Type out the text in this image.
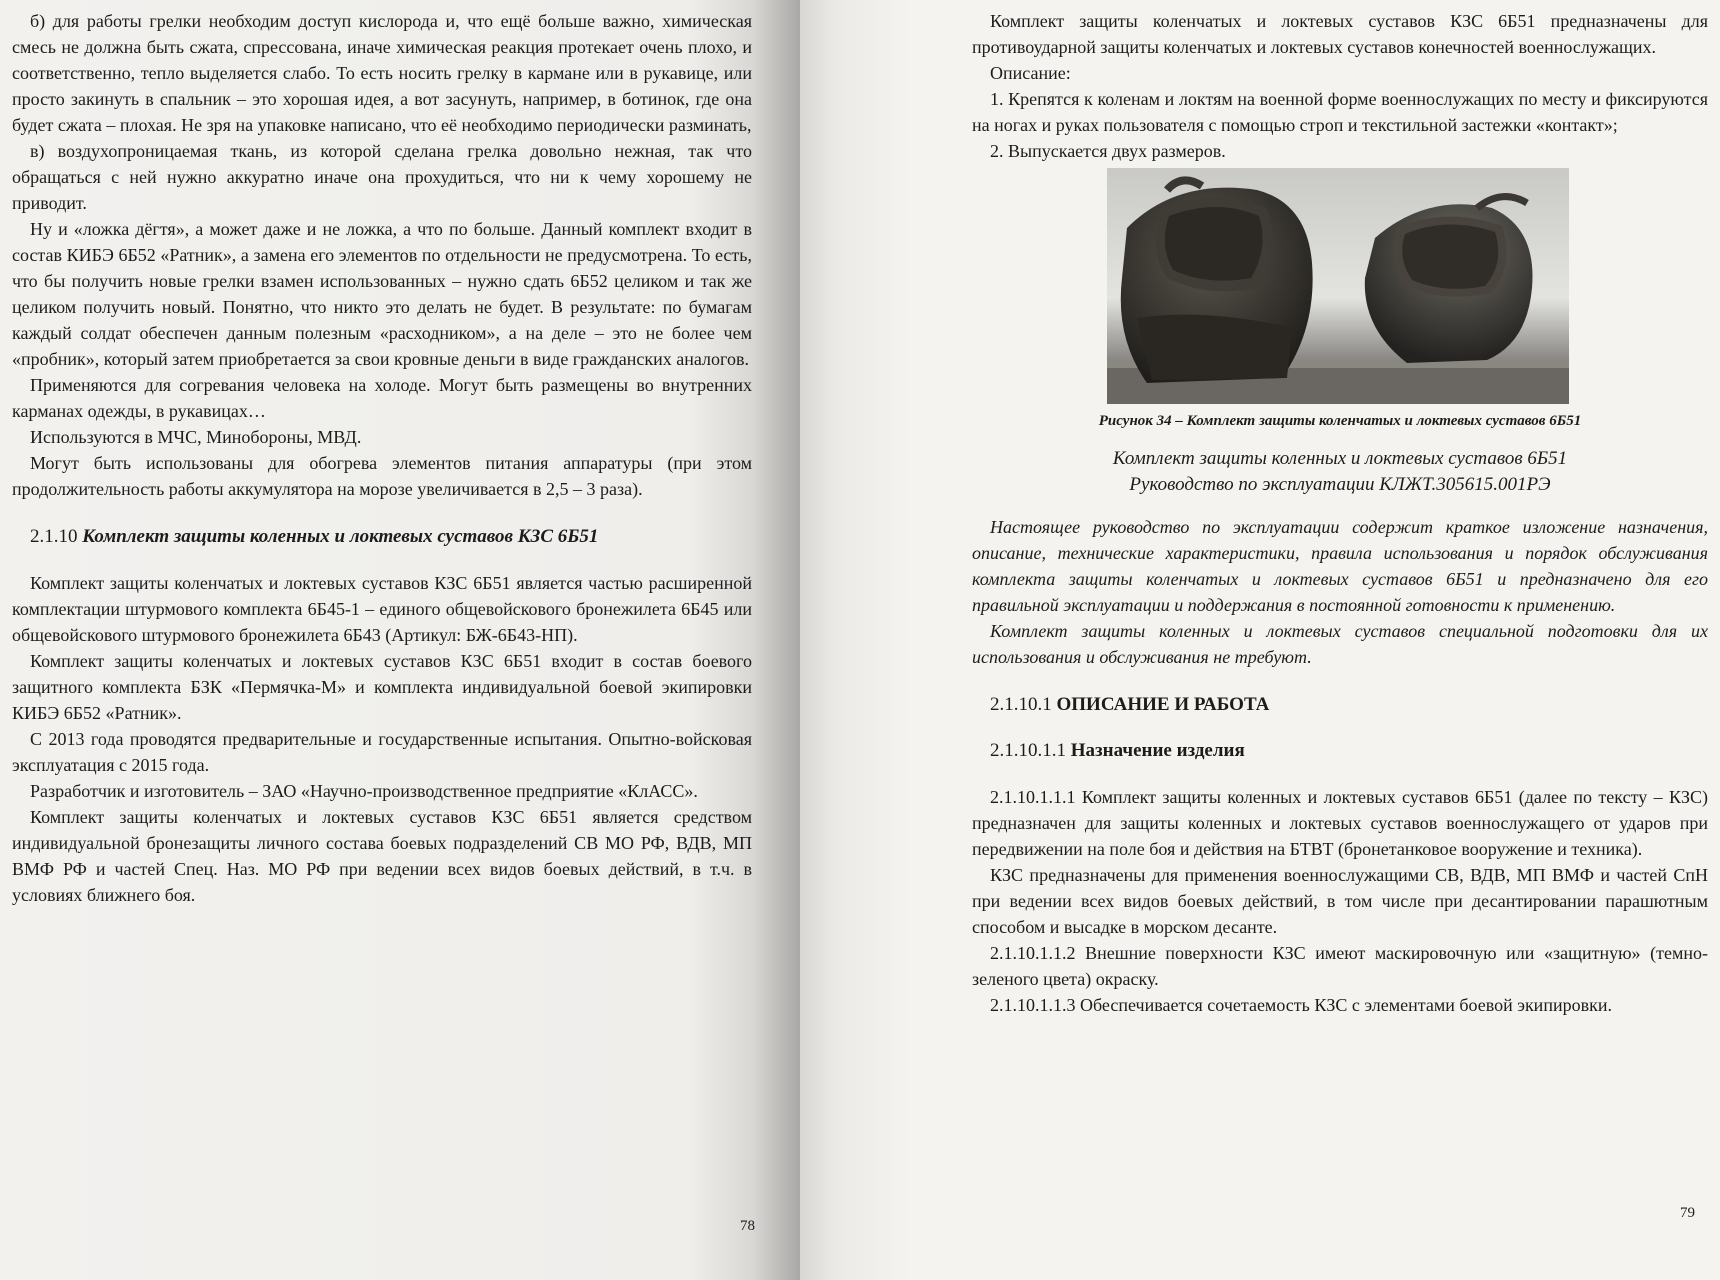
б) для работы грелки необходим доступ кислорода и, что ещё больше важно, химическая смесь не должна быть сжата, спрессована, иначе химическая реакция протекает очень плохо, и соответственно, тепло выделяется слабо. То есть носить грелку в кармане или в рукавице, или просто закинуть в спальник – это хорошая идея, а вот засунуть, например, в ботинок, где она будет сжата – плохая. Не зря на упаковке написано, что её необходимо периодически разминать,

в) воздухопроницаемая ткань, из которой сделана грелка довольно нежная, так что обращаться с ней нужно аккуратно иначе она прохудиться, что ни к чему хорошему не приводит.

Ну и «ложка дёгтя», а может даже и не ложка, а что по больше. Данный комплект входит в состав КИБЭ 6Б52 «Ратник», а замена его элементов по отдельности не предусмотрена. То есть, что бы получить новые грелки взамен использованных – нужно сдать 6Б52 целиком и так же целиком получить новый. Понятно, что никто это делать не будет. В результате: по бумагам каждый солдат обеспечен данным полезным «расходником», а на деле – это не более чем «пробник», который затем приобретается за свои кровные деньги в виде гражданских аналогов.

Применяются для согревания человека на холоде. Могут быть размещены во внутренних карманах одежды, в рукавицах…

Используются в МЧС, Минобороны, МВД.

Могут быть использованы для обогрева элементов питания аппаратуры (при этом продолжительность работы аккумулятора на морозе увеличивается в 2,5 – 3 раза).

2.1.10 Комплект защиты коленных и локтевых суставов КЗС 6Б51

Комплект защиты коленчатых и локтевых суставов КЗС 6Б51 является частью расширенной комплектации штурмового комплекта 6Б45-1 – единого общевойскового бронежилета 6Б45 или общевойскового штурмового бронежилета 6Б43 (Артикул: БЖ-6Б43-НП).

Комплект защиты коленчатых и локтевых суставов КЗС 6Б51 входит в состав боевого защитного комплекта БЗК «Пермячка-М» и комплекта индивидуальной боевой экипировки КИБЭ 6Б52 «Ратник».

С 2013 года проводятся предварительные и государственные испытания. Опытно-войсковая эксплуатация с 2015 года.

Разработчик и изготовитель – ЗАО «Научно-производственное предприятие «КлАСС».

Комплект защиты коленчатых и локтевых суставов КЗС 6Б51 является средством индивидуальной бронезащиты личного состава боевых подразделений СВ МО РФ, ВДВ, МП ВМФ РФ и частей Спец. Наз. МО РФ при ведении всех видов боевых действий, в т.ч. в условиях ближнего боя.

78

Комплект защиты коленчатых и локтевых суставов КЗС 6Б51 предназначены для противоударной защиты коленчатых и локтевых суставов конечностей военнослужащих.

Описание:

1. Крепятся к коленам и локтям на военной форме военнослужащих по месту и фиксируются на ногах и руках пользователя с помощью строп и текстильной застежки «контакт»;

2. Выпускается двух размеров.

Рисунок 34 – Комплект защиты коленчатых и локтевых суставов 6Б51

Комплект защиты коленных и локтевых суставов 6Б51

Руководство по эксплуатации КЛЖТ.305615.001РЭ

Настоящее руководство по эксплуатации содержит краткое изложение назначения, описание, технические характеристики, правила использования и порядок обслуживания комплекта защиты коленчатых и локтевых суставов 6Б51 и предназначено для его правильной эксплуатации и поддержания в постоянной готовности к применению.

Комплект защиты коленных и локтевых суставов специальной подготовки для их использования и обслуживания не требуют.

2.1.10.1 ОПИСАНИЕ И РАБОТА
2.1.10.1.1 Назначение изделия

2.1.10.1.1.1 Комплект защиты коленных и локтевых суставов 6Б51 (далее по тексту – КЗС) предназначен для защиты коленных и локтевых суставов военнослужащего от ударов при передвижении на поле боя и действия на БТВТ (бронетанковое вооружение и техника).

КЗС предназначены для применения военнослужащими СВ, ВДВ, МП ВМФ и частей СпН при ведении всех видов боевых действий, в том числе при десантировании парашютным способом и высадке в морском десанте.

2.1.10.1.1.2 Внешние поверхности КЗС имеют маскировочную или «защитную» (темно-зеленого цвета) окраску.

2.1.10.1.1.3 Обеспечивается сочетаемость КЗС с элементами боевой экипировки.

79
